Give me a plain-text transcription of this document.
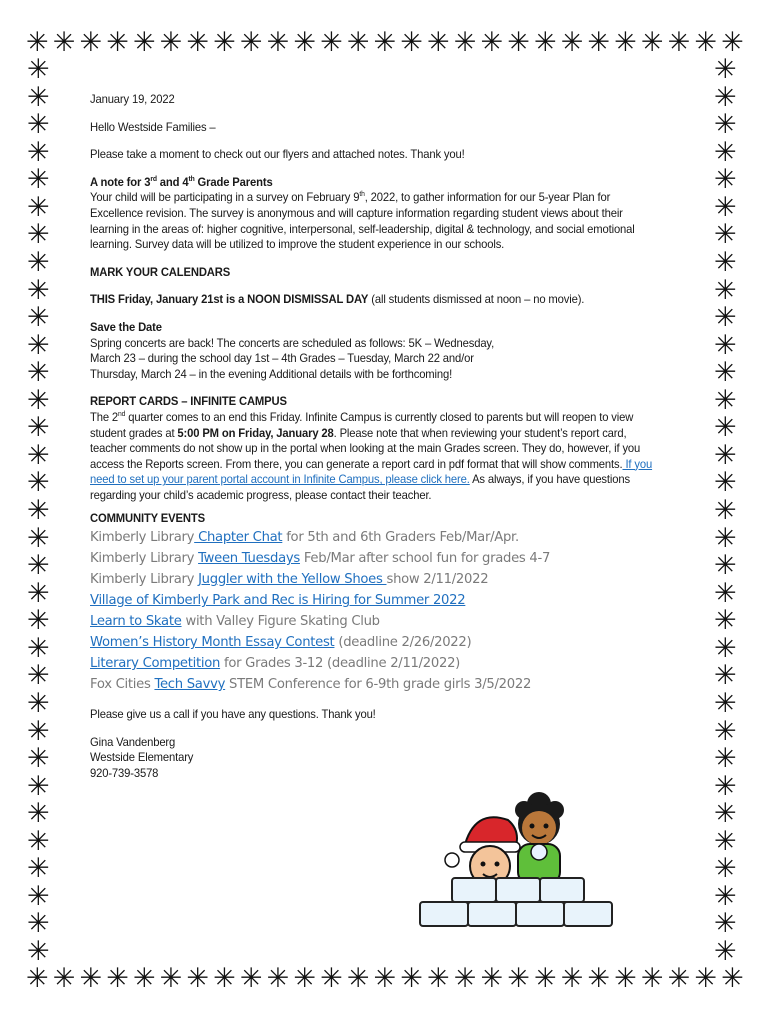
✳ ✳ ✳ ✳ ✳ ✳ ✳ ✳ ✳ ✳ ✳ ✳ ✳ ✳ ✳ ✳ ✳ ✳ ✳ ✳ ✳ ✳ ✳ ✳ ✳ ✳ ✳
✳
✳
✳
✳
✳
✳
✳
✳
✳
✳
✳
✳
✳
✳
✳
✳
✳
✳
✳
✳
✳
✳
✳
✳
✳
✳
✳
✳
✳
✳
✳
✳
✳
✳
✳
✳
✳
✳
✳
✳
✳
✳
✳
✳
✳
✳
✳
✳
✳
✳
✳
✳
✳
✳
✳
✳
✳
✳
✳
✳
✳
✳
✳
✳
✳
✳
✳ ✳ ✳ ✳ ✳ ✳ ✳ ✳ ✳ ✳ ✳ ✳ ✳ ✳ ✳ ✳ ✳ ✳ ✳ ✳ ✳ ✳ ✳ ✳ ✳ ✳ ✳

January 19, 2022

Hello Westside Families –

Please take a moment to check out our flyers and attached notes. Thank you!

A note for 3rd and 4th Grade Parents

Your child will be participating in a survey on February 9th, 2022, to gather information for our 5-year Plan for Excellence revision. The survey is anonymous and will capture information regarding student views about their learning in the areas of: higher cognitive, interpersonal, self-leadership, digital & technology, and social emotional learning. Survey data will be utilized to improve the student experience in our schools.

MARK YOUR CALENDARS

THIS Friday, January 21st is a NOON DISMISSAL DAY (all students dismissed at noon – no movie).

Save the Date

Spring concerts are back! The concerts are scheduled as follows: 5K – Wednesday,

March 23 – during the school day 1st – 4th Grades – Tuesday, March 22 and/or

Thursday, March 24 – in the evening Additional details with be forthcoming!

REPORT CARDS – INFINITE CAMPUS

The 2nd quarter comes to an end this Friday. Infinite Campus is currently closed to parents but will reopen to view student grades at 5:00 PM on Friday, January 28. Please note that when reviewing your student’s report card, teacher comments do not show up in the portal when looking at the main Grades screen. They do, however, if you access the Reports screen. From there, you can generate a report card in pdf format that will show comments. If you need to set up your parent portal account in Infinite Campus, please click here. As always, if you have questions regarding your child’s academic progress, please contact their teacher.

COMMUNITY EVENTS

Kimberly Library Chapter Chat for 5th and 6th Graders Feb/Mar/Apr.
Kimberly Library Tween Tuesdays Feb/Mar after school fun for grades 4-7
Kimberly Library Juggler with the Yellow Shoes show 2/11/2022
Village of Kimberly Park and Rec is Hiring for Summer 2022
Learn to Skate with Valley Figure Skating Club
Women’s History Month Essay Contest (deadline 2/26/2022)
Literary Competition for Grades 3-12 (deadline 2/11/2022)
Fox Cities Tech Savvy STEM Conference for 6-9th grade girls 3/5/2022

Please give us a call if you have any questions. Thank you!

Gina Vandenberg

Westside Elementary

920-739-3578
